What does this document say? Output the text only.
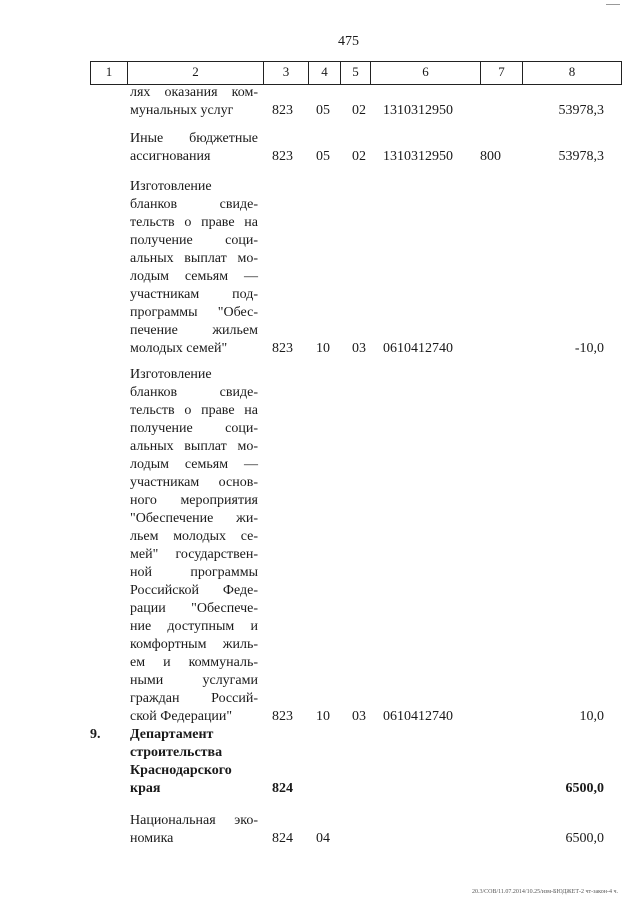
475
1	2	3	4	5	6	7	8
лях оказания ком-
мунальных услуг	823 05 02 1310312950	53978,3
Иные бюджетные
ассигнования	823 05 02 1310312950 800	53978,3
Изготовление
бланков свиде-
тельств о праве на
получение соци-
альных выплат мо-
лодым семьям —
участникам под-
программы "Обес-
печение жильем
молодых семей"	823 10 03 0610412740	-10,0
Изготовление
бланков свиде-
тельств о праве на
получение соци-
альных выплат мо-
лодым семьям —
участникам основ-
ного мероприятия
"Обеспечение жи-
льем молодых се-
мей" государствен-
ной программы
Российской Феде-
рации "Обеспече-
ние доступным и
комфортным жиль-
ем и коммуналь-
ными услугами
граждан Россий-
ской Федерации"	823 10 03 0610412740	10,0
9. Департамент
строительства
Краснодарского
края	824	6500,0
Национальная эко-
номика	824 04	6500,0
20.3/СОВ/11.07.2014/10.25/изм-БЮДЖЕТ-2 чт-закон-4 ч.
